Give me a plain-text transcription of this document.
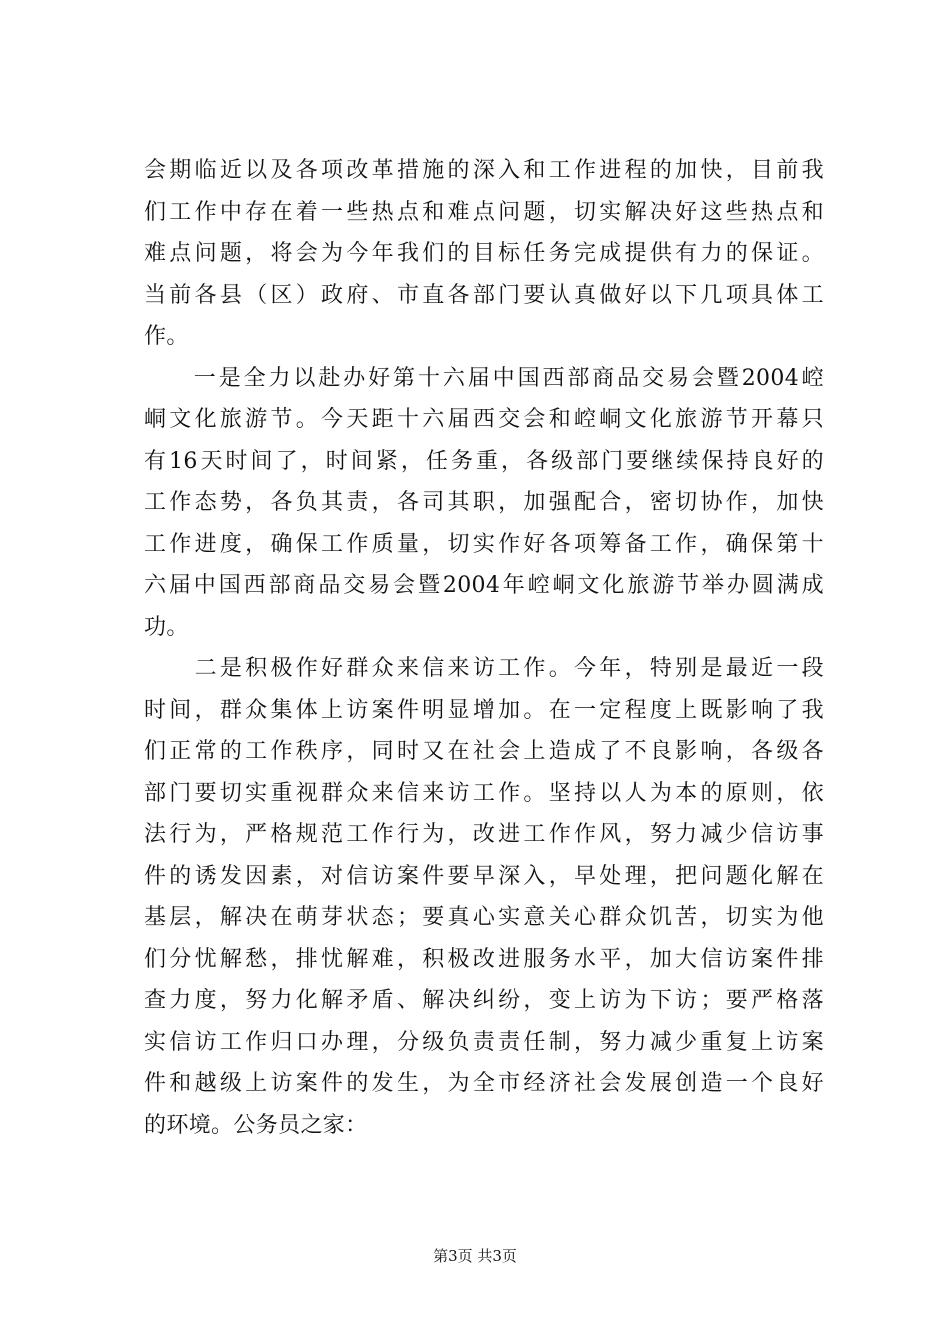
会期临近以及各项改革措施的深入和工作进程的加快，目前我
们工作中存在着一些热点和难点问题，切实解决好这些热点和
难点问题，将会为今年我们的目标任务完成提供有力的保证。
当前各县（区）政府、市直各部门要认真做好以下几项具体工
作。
　　一是全力以赴办好第十六届中国西部商品交易会暨2004崆
峒文化旅游节。今天距十六届西交会和崆峒文化旅游节开幕只
有16天时间了，时间紧，任务重，各级部门要继续保持良好的
工作态势，各负其责，各司其职，加强配合，密切协作，加快
工作进度，确保工作质量，切实作好各项筹备工作，确保第十
六届中国西部商品交易会暨2004年崆峒文化旅游节举办圆满成
功。
　　二是积极作好群众来信来访工作。今年，特别是最近一段
时间，群众集体上访案件明显增加。在一定程度上既影响了我
们正常的工作秩序，同时又在社会上造成了不良影响，各级各
部门要切实重视群众来信来访工作。坚持以人为本的原则，依
法行为，严格规范工作行为，改进工作作风，努力减少信访事
件的诱发因素，对信访案件要早深入，早处理，把问题化解在
基层，解决在萌芽状态；要真心实意关心群众饥苦，切实为他
们分忧解愁，排忧解难，积极改进服务水平，加大信访案件排
查力度，努力化解矛盾、解决纠纷，变上访为下访；要严格落
实信访工作归口办理，分级负责责任制，努力减少重复上访案
件和越级上访案件的发生，为全市经济社会发展创造一个良好
的环境。公务员之家：
第3页 共3页
